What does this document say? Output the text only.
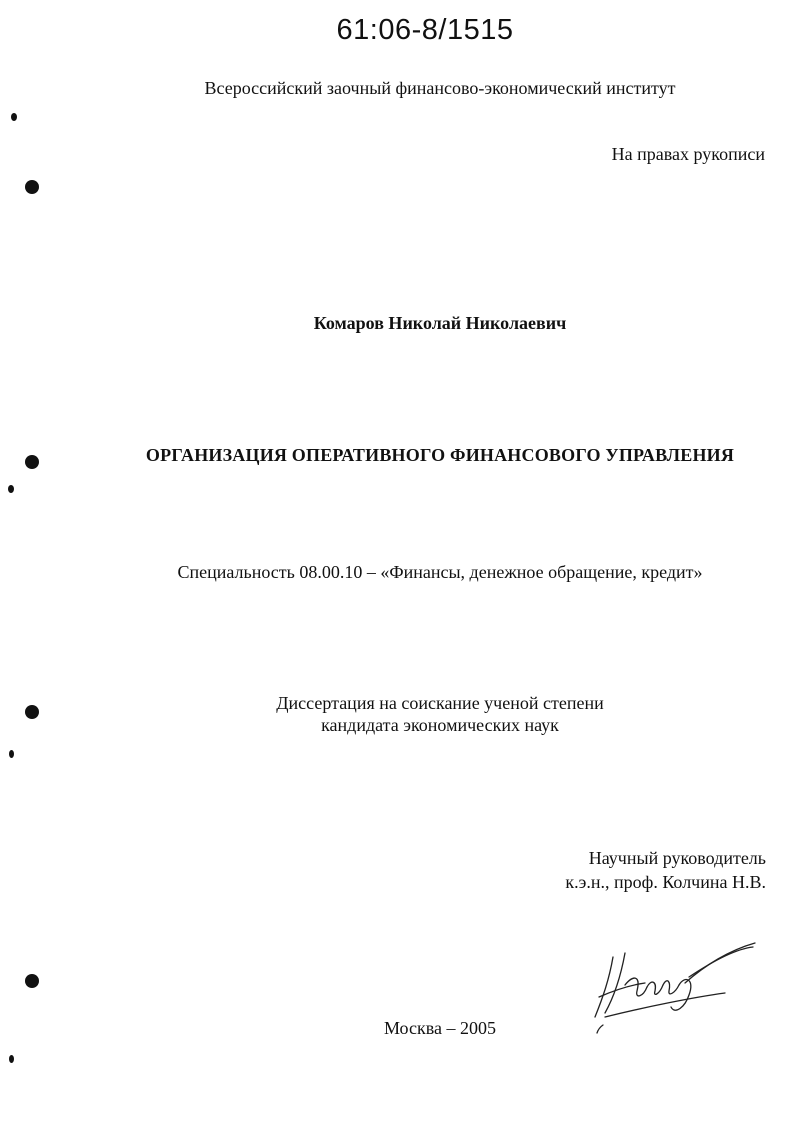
61:06-8/1515
Всероссийский заочный финансово-экономический институт
На правах рукописи
Комаров Николай Николаевич
ОРГАНИЗАЦИЯ ОПЕРАТИВНОГО ФИНАНСОВОГО УПРАВЛЕНИЯ
Специальность 08.00.10 – «Финансы, денежное обращение, кредит»
Диссертация на соискание ученой степени
кандидата экономических наук
Научный руководитель
к.э.н., проф. Колчина Н.В.
Москва – 2005
